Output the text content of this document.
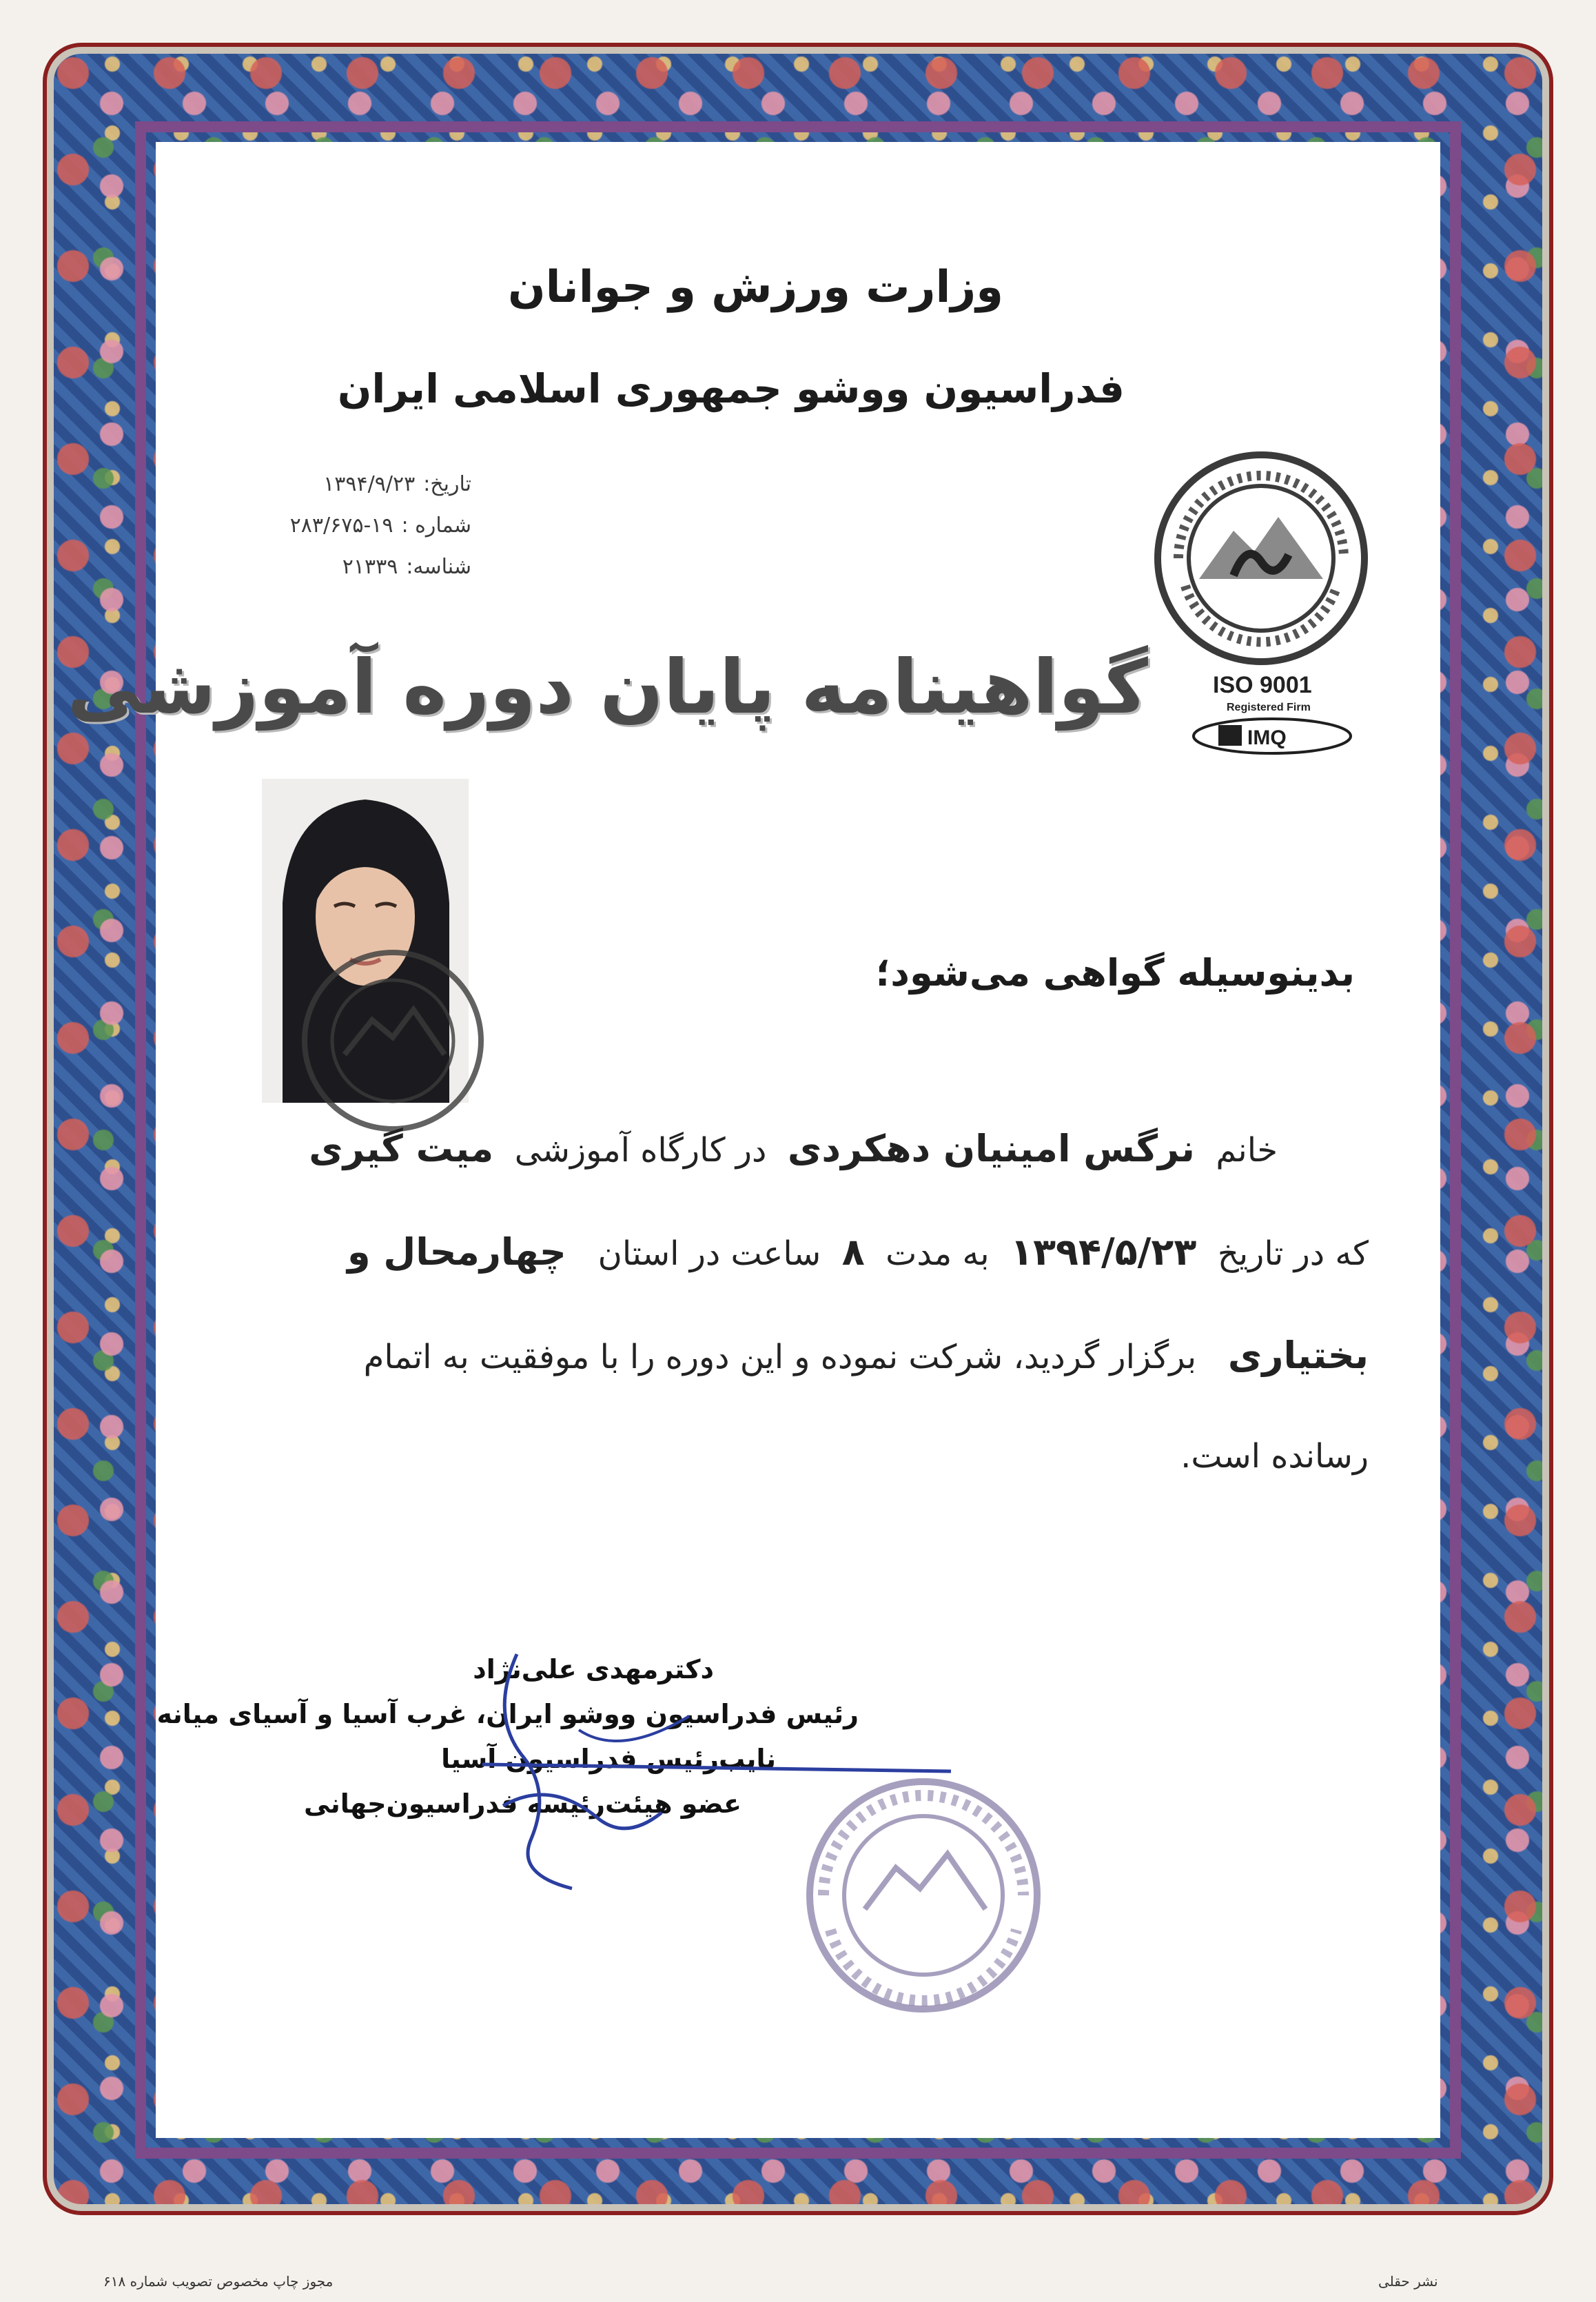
وزارت ورزش و جوانان
فدراسیون ووشو جمهوری اسلامی ایران
تاریخ:۱۳۹۴/۹/۲۳
شماره :۱۹-۲۸۳/۶۷۵
شناسه:۲۱۳۳۹
ISO 9001
Registered Firm
IMQ
گواهینامه پایان دوره آموزشی
بدینوسیله گواهی می‌شود؛
خانم  نرگس امینیان دهکردی  در کارگاه آموزشی  میت گیری
که در تاریخ  ۱۳۹۴/۵/۲۳  به مدت  ۸  ساعت در استان   چهارمحال و
بختیاری   برگزار گردید، شرکت نموده و این دوره را با موفقیت به اتمام
رسانده است.
دکترمهدی علی‌نژاد
رئیس فدراسیون ووشو ایران، غرب آسیا و آسیای میانه
نایب‌رئیس فدراسیون آسیا
عضو هیئت‌رئیسه فدراسیون‌جهانی
مجوز چاپ مخصوص تصویب شماره ۶۱۸	نشر حقلی
